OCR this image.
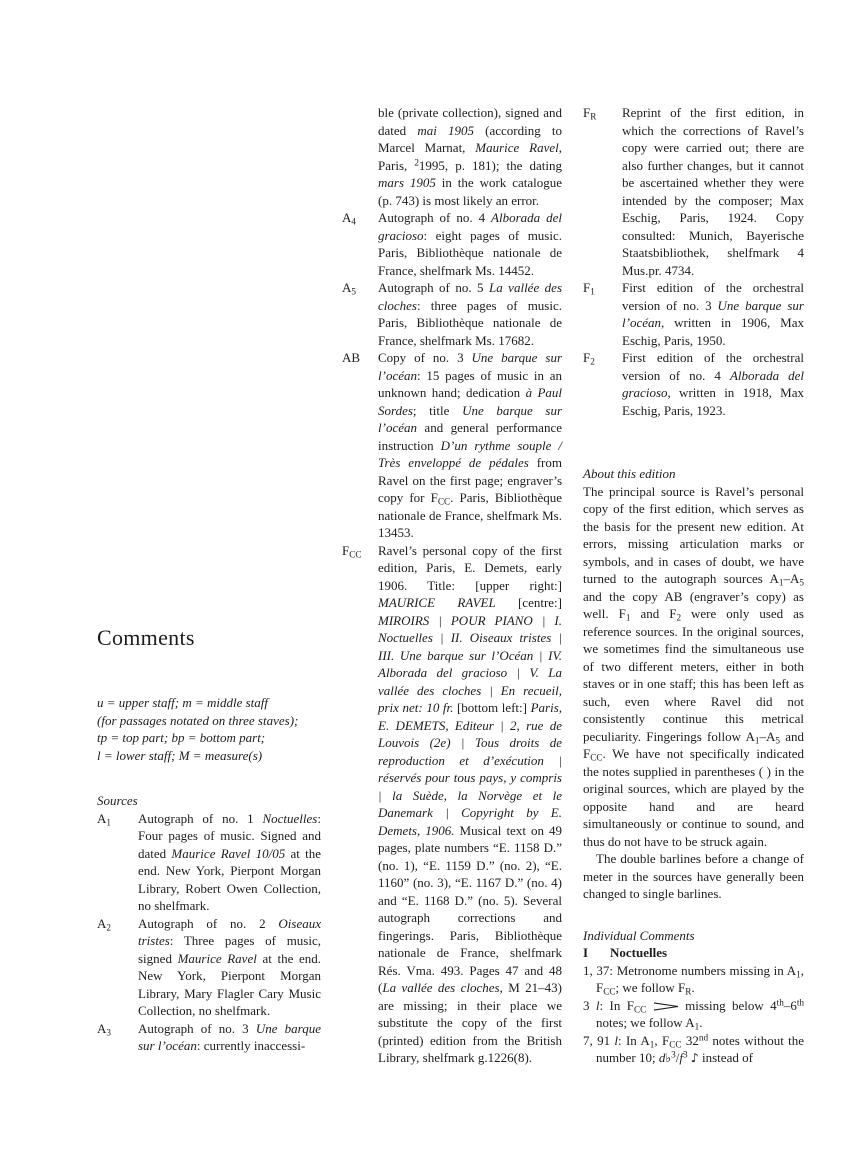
Comments
u = upper staff; m = middle staff
(for passages notated on three staves);
tp = top part; bp = bottom part;
l = lower staff; M = measure(s)
Sources
A1 Autograph of no. 1 Noctuelles: Four pages of music. Signed and dated Maurice Ravel 10/05 at the end. New York, Pierpont Morgan Library, Robert Owen Collection, no shelfmark.
A2 Autograph of no. 2 Oiseaux tristes: Three pages of music, signed Maurice Ravel at the end. New York, Pierpont Morgan Library, Mary Flagler Cary Music Collection, no shelfmark.
A3 Autograph of no. 3 Une barque sur l’océan: currently inaccessi-
ble (private collection), signed and dated mai 1905 (according to Marcel Marnat, Maurice Ravel, Paris, $^2$1995, p. 181); the dating mars 1905 in the work catalogue (p. 743) is most likely an error.
A4 Autograph of no. 4 Alborada del gracioso: eight pages of music. Paris, Bibliothèque nationale de France, shelfmark Ms. 14452.
A5 Autograph of no. 5 La vallée des cloches: three pages of music. Paris, Bibliothèque nationale de France, shelfmark Ms. 17682.
AB Copy of no. 3 Une barque sur l’océan: 15 pages of music in an unknown hand; dedication à Paul Sordes; title Une barque sur l’océan and general performance instruction D’un rythme souple / Très enveloppé de pédales from Ravel on the first page; engraver’s copy for FCC. Paris, Bibliothèque nationale de France, shelfmark Ms. 13453.
FCC Ravel’s personal copy of the first edition, Paris, E. Demets, early 1906. Title: [upper right:] MAURICE RAVEL [centre:] MIROIRS | POUR PIANO | I. Noctuelles | II. Oiseaux tristes | III. Une barque sur l’Océan | IV. Alborada del gracioso | V. La vallée des cloches | En recueil, prix net: 10 fr. [bottom left:] Paris, E. DEMETS, Editeur | 2, rue de Louvois (2e) | Tous droits de reproduction et d’exécution | réservés pour tous pays, y compris | la Suède, la Norvège et le Danemark | Copyright by E. Demets, 1906. Musical text on 49 pages, plate numbers “E. 1158 D.” (no. 1), “E. 1159 D.” (no. 2), “E. 1160” (no. 3), “E. 1167 D.” (no. 4) and “E. 1168 D.” (no. 5). Several autograph corrections and fingerings. Paris, Bibliothèque nationale de France, shelfmark Rés. Vma. 493. Pages 47 and 48 (La vallée des cloches, M 21–43) are missing; in their place we substitute the copy of the first (printed) edition from the British Library, shelfmark g.1226(8).
FR Reprint of the first edition, in which the corrections of Ravel’s copy were carried out; there are also further changes, but it cannot be ascertained whether they were intended by the composer; Max Eschig, Paris, 1924. Copy consulted: Munich, Bayerische Staatsbibliothek, shelfmark 4 Mus.pr. 4734.
F1 First edition of the orchestral version of no. 3 Une barque sur l’océan, written in 1906, Max Eschig, Paris, 1950.
F2 First edition of the orchestral version of no. 4 Alborada del gracioso, written in 1918, Max Eschig, Paris, 1923.
About this edition
The principal source is Ravel’s personal copy of the first edition, which serves as the basis for the present new edition. At errors, missing articulation marks or symbols, and in cases of doubt, we have turned to the autograph sources A1–A5 and the copy AB (engraver’s copy) as well. F1 and F2 were only used as reference sources. In the original sources, we sometimes find the simultaneous use of two different meters, either in both staves or in one staff; this has been left as such, even where Ravel did not consistently continue this metrical peculiarity. Fingerings follow A1–A5 and FCC. We have not specifically indicated the notes supplied in parentheses ( ) in the original sources, which are played by the opposite hand and are heard simultaneously or continue to sound, and thus do not have to be struck again.
The double barlines before a change of meter in the sources have generally been changed to single barlines.
Individual Comments
I Noctuelles
1, 37: Metronome numbers missing in A1, FCC; we follow FR.
3 l: In FCC  missing below 4th–6th notes; we follow A1.
7, 91 l: In A1, FCC 32nd notes without the number 10; $d♭^3/f^3$ ♪ instead of
